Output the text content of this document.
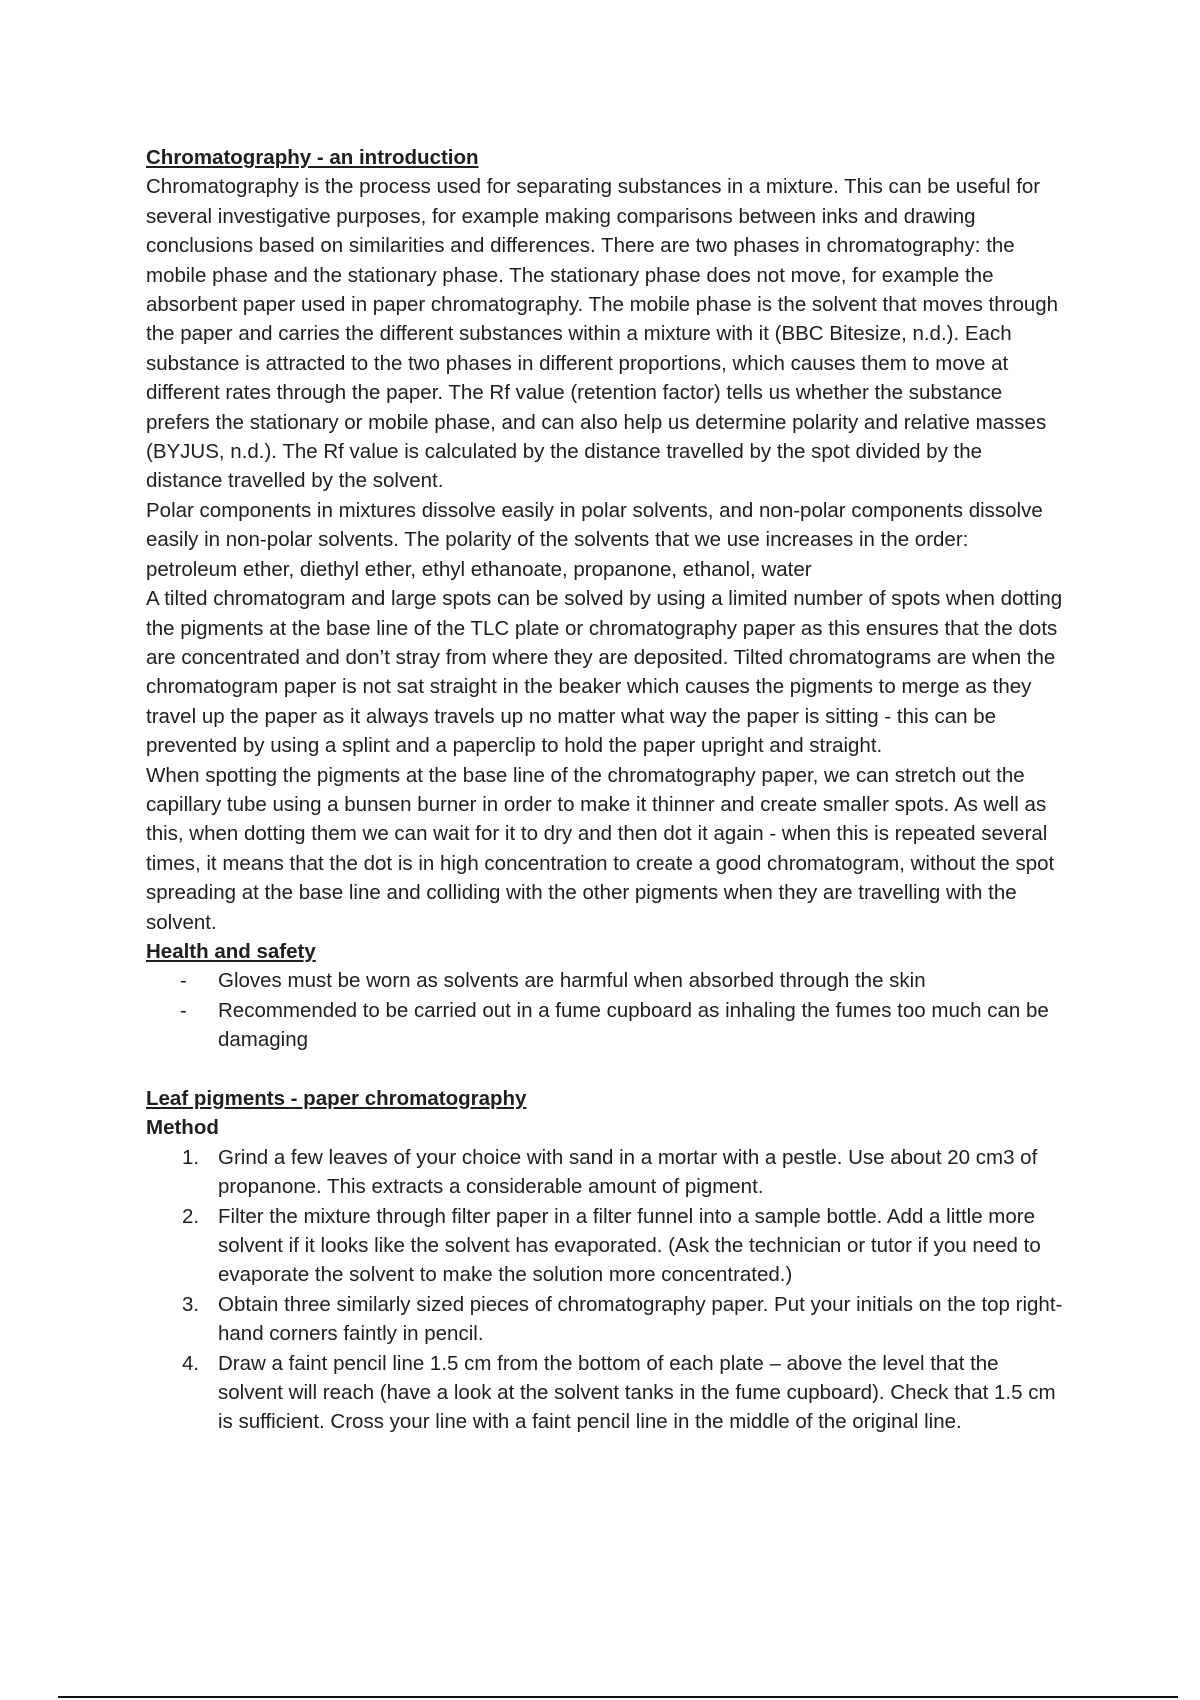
Chromatography - an introduction

Chromatography is the process used for separating substances in a mixture. This can be useful for several investigative purposes, for example making comparisons between inks and drawing conclusions based on similarities and differences. There are two phases in chromatography: the mobile phase and the stationary phase. The stationary phase does not move, for example the absorbent paper used in paper chromatography. The mobile phase is the solvent that moves through the paper and carries the different substances within a mixture with it (BBC Bitesize, n.d.). Each substance is attracted to the two phases in different proportions, which causes them to move at different rates through the paper. The Rf value (retention factor) tells us whether the substance prefers the stationary or mobile phase, and can also help us determine polarity and relative masses (BYJUS, n.d.). The Rf value is calculated by the distance travelled by the spot divided by the distance travelled by the solvent.

Polar components in mixtures dissolve easily in polar solvents, and non-polar components dissolve easily in non-polar solvents. The polarity of the solvents that we use increases in the order:

petroleum ether, diethyl ether, ethyl ethanoate, propanone, ethanol, water

A tilted chromatogram and large spots can be solved by using a limited number of spots when dotting the pigments at the base line of the TLC plate or chromatography paper as this ensures that the dots are concentrated and don’t stray from where they are deposited. Tilted chromatograms are when the chromatogram paper is not sat straight in the beaker which causes the pigments to merge as they travel up the paper as it always travels up no matter what way the paper is sitting - this can be prevented by using a splint and a paperclip to hold the paper upright and straight.

When spotting the pigments at the base line of the chromatography paper, we can stretch out the capillary tube using a bunsen burner in order to make it thinner and create smaller spots. As well as this, when dotting them we can wait for it to dry and then dot it again - when this is repeated several times, it means that the dot is in high concentration to create a good chromatogram, without the spot spreading at the base line and colliding with the other pigments when they are travelling with the solvent.

Health and safety
- Gloves must be worn as solvents are harmful when absorbed through the skin
- Recommended to be carried out in a fume cupboard as inhaling the fumes too much can be damaging
Leaf pigments - paper chromatography
Method
1. Grind a few leaves of your choice with sand in a mortar with a pestle. Use about 20 cm3 of propanone. This extracts a considerable amount of pigment.
2. Filter the mixture through filter paper in a filter funnel into a sample bottle. Add a little more solvent if it looks like the solvent has evaporated. (Ask the technician or tutor if you need to evaporate the solvent to make the solution more concentrated.)
3. Obtain three similarly sized pieces of chromatography paper. Put your initials on the top right-hand corners faintly in pencil.
4. Draw a faint pencil line 1.5 cm from the bottom of each plate – above the level that the solvent will reach (have a look at the solvent tanks in the fume cupboard). Check that 1.5 cm is sufficient. Cross your line with a faint pencil line in the middle of the original line.
